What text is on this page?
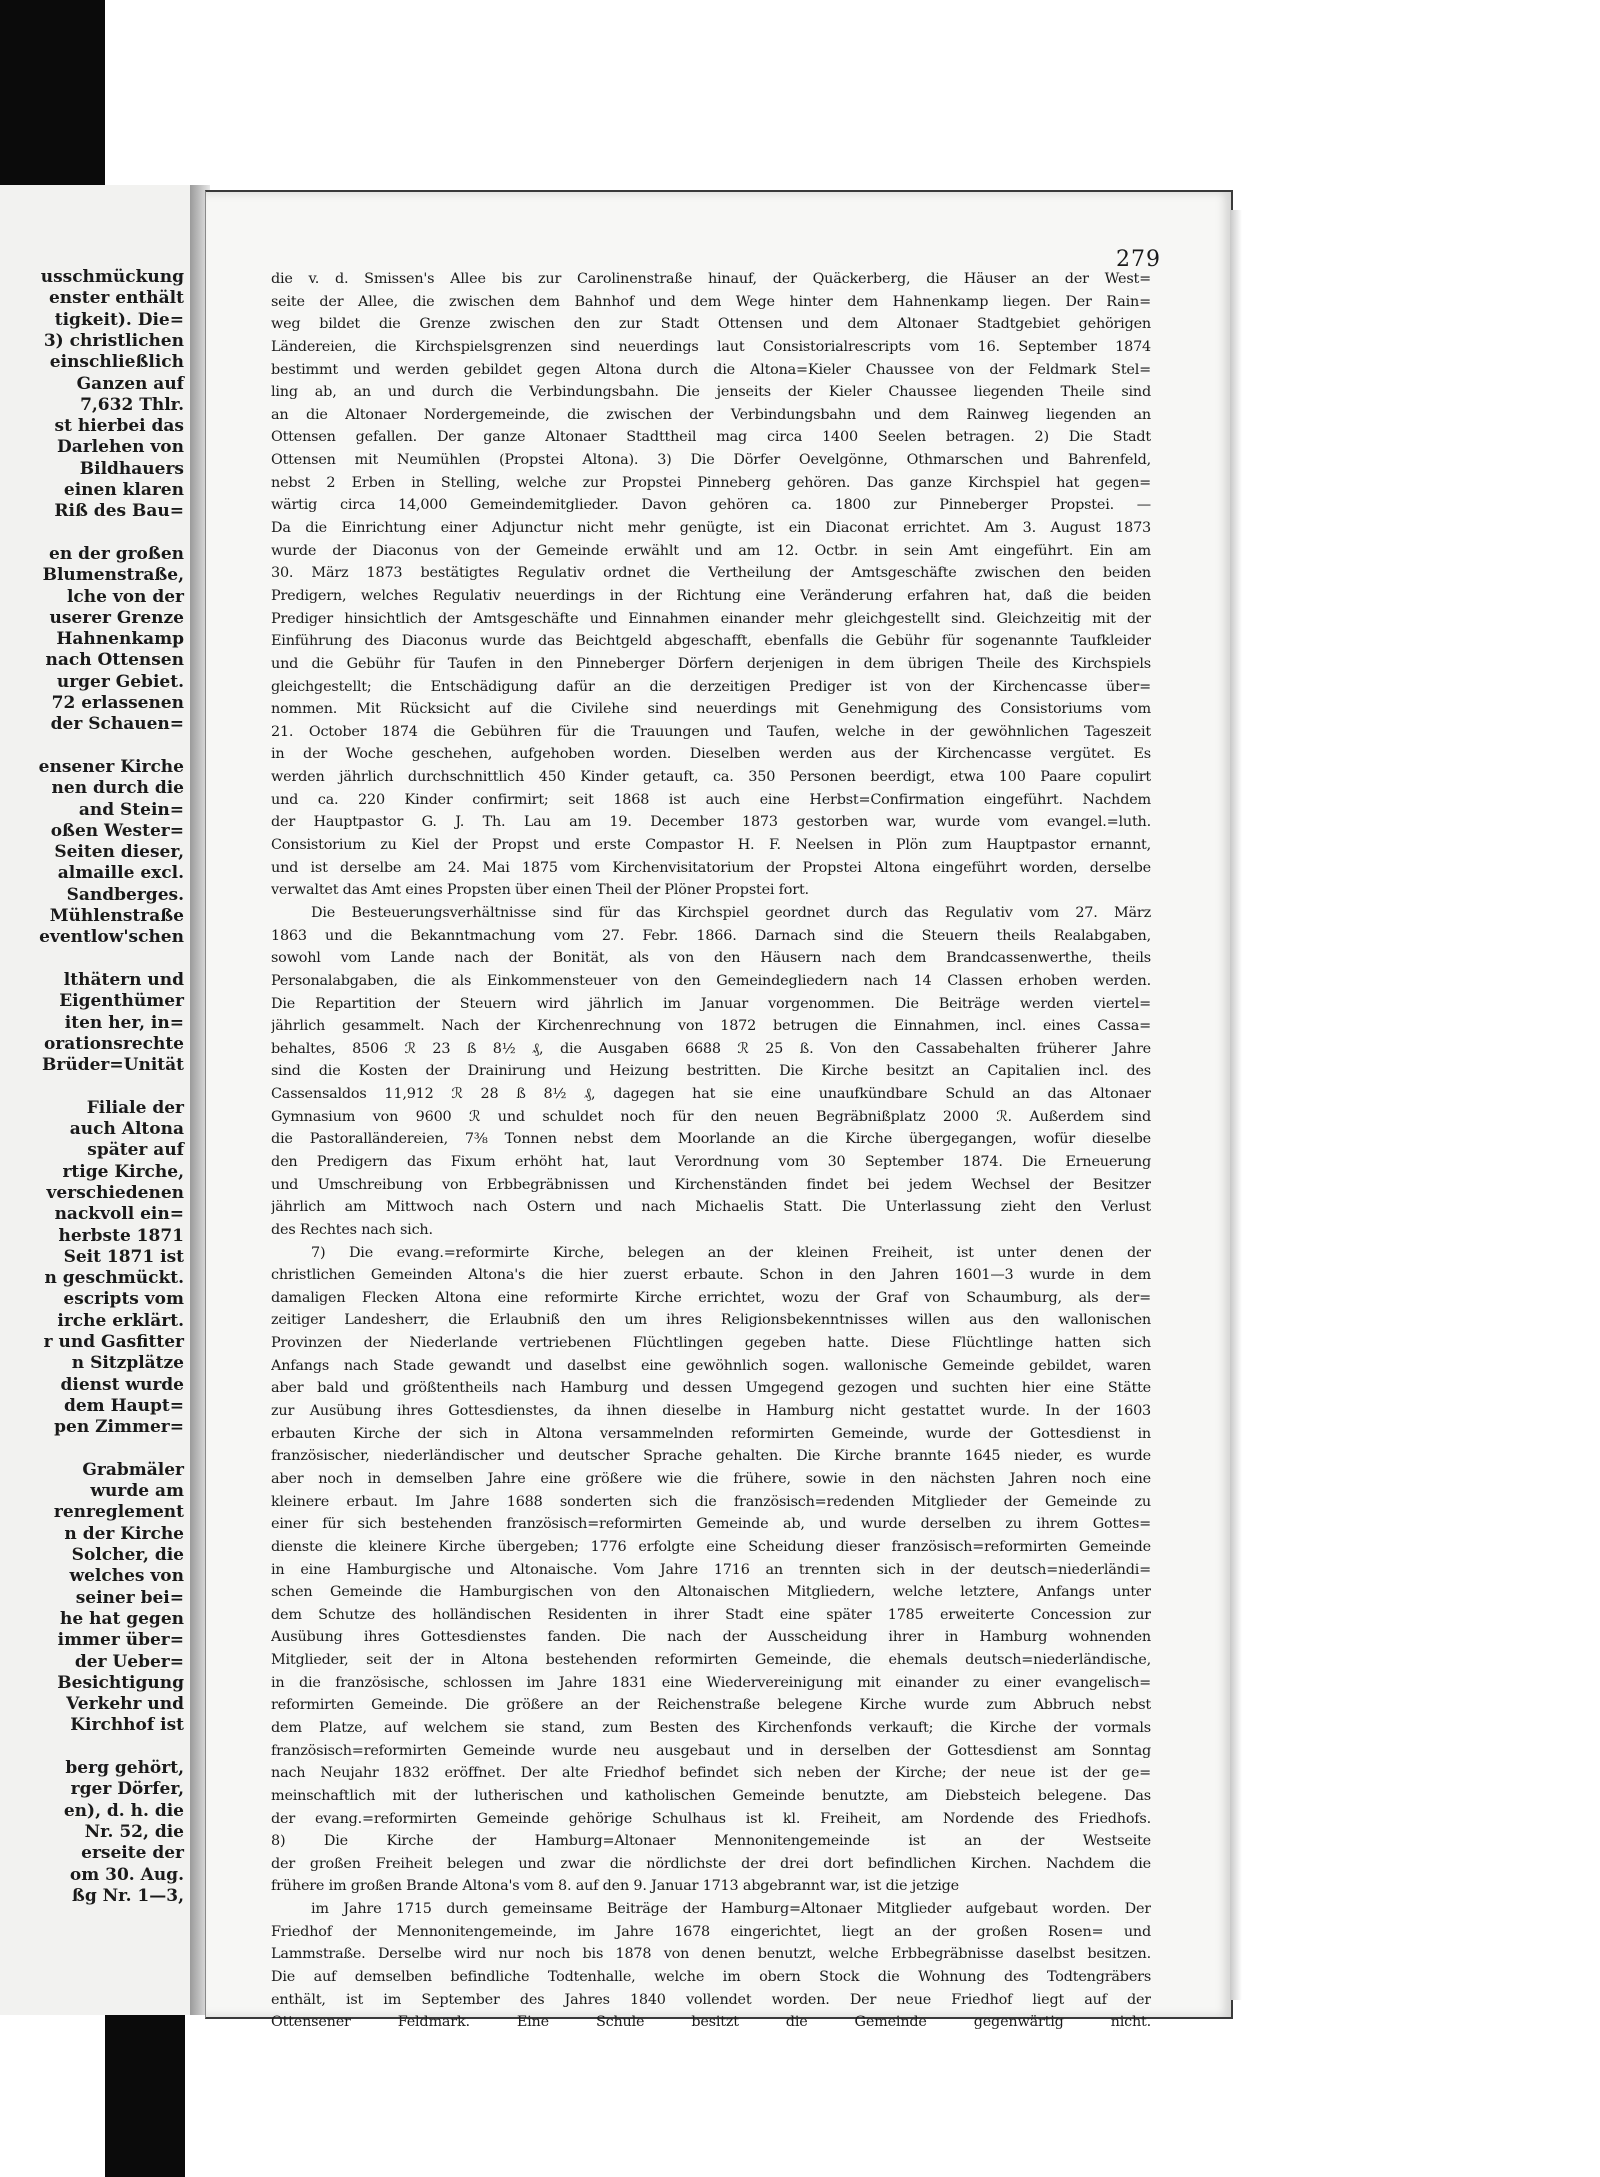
usschmückung
enster enthält
tigkeit). Die=
3) christlichen
einschließlich
Ganzen auf
7,632 Thlr.
st hierbei das
Darlehen von
Bildhauers
einen klaren
Riß des Bau=
en der großen
Blumenstraße,
lche von der
userer Grenze
Hahnenkamp
nach Ottensen
urger Gebiet.
72 erlassenen
der Schauen=
ensener Kirche
nen durch die
and Stein=
oßen Wester=
Seiten dieser,
almaille excl.
Sandberges.
Mühlenstraße
eventlow'schen
lthätern und
Eigenthümer
iten her, in=
orationsrechte
Brüder=Unität
Filiale der
auch Altona
später auf
rtige Kirche,
verschiedenen
nackvoll ein=
herbste 1871
Seit 1871 ist
n geschmückt.
escripts vom
irche erklärt.
r und Gasfitter
n Sitzplätze
dienst wurde
dem Haupt=
pen Zimmer=
Grabmäler
wurde am
renreglement
n der Kirche
Solcher, die
welches von
seiner bei=
he hat gegen
immer über=
der Ueber=
Besichtigung
Verkehr und
Kirchhof ist
berg gehört,
rger Dörfer,
en), d. h. die
Nr. 52, die
erseite der
om 30. Aug.
ßg Nr. 1—3,
279
die v. d. Smissen's Allee bis zur Carolinenstraße hinauf, der Quäckerberg, die Häuser an der West=
seite der Allee, die zwischen dem Bahnhof und dem Wege hinter dem Hahnenkamp liegen. Der Rain=
weg bildet die Grenze zwischen den zur Stadt Ottensen und dem Altonaer Stadtgebiet gehörigen
Ländereien, die Kirchspielsgrenzen sind neuerdings laut Consistorialrescripts vom 16. September 1874
bestimmt und werden gebildet gegen Altona durch die Altona=Kieler Chaussee von der Feldmark Stel=
ling ab, an und durch die Verbindungsbahn. Die jenseits der Kieler Chaussee liegenden Theile sind
an die Altonaer Nordergemeinde, die zwischen der Verbindungsbahn und dem Rainweg liegenden an
Ottensen gefallen. Der ganze Altonaer Stadttheil mag circa 1400 Seelen betragen. 2) Die Stadt
Ottensen mit Neumühlen (Propstei Altona). 3) Die Dörfer Oevelgönne, Othmarschen und Bahrenfeld,
nebst 2 Erben in Stelling, welche zur Propstei Pinneberg gehören. Das ganze Kirchspiel hat gegen=
wärtig circa 14,000 Gemeindemitglieder. Davon gehören ca. 1800 zur Pinneberger Propstei. —
Da die Einrichtung einer Adjunctur nicht mehr genügte, ist ein Diaconat errichtet. Am 3. August 1873
wurde der Diaconus von der Gemeinde erwählt und am 12. Octbr. in sein Amt eingeführt. Ein am
30. März 1873 bestätigtes Regulativ ordnet die Vertheilung der Amtsgeschäfte zwischen den beiden
Predigern, welches Regulativ neuerdings in der Richtung eine Veränderung erfahren hat, daß die beiden
Prediger hinsichtlich der Amtsgeschäfte und Einnahmen einander mehr gleichgestellt sind. Gleichzeitig mit der
Einführung des Diaconus wurde das Beichtgeld abgeschafft, ebenfalls die Gebühr für sogenannte Taufkleider
und die Gebühr für Taufen in den Pinneberger Dörfern derjenigen in dem übrigen Theile des Kirchspiels
gleichgestellt; die Entschädigung dafür an die derzeitigen Prediger ist von der Kirchencasse über=
nommen. Mit Rücksicht auf die Civilehe sind neuerdings mit Genehmigung des Consistoriums vom
21. October 1874 die Gebühren für die Trauungen und Taufen, welche in der gewöhnlichen Tageszeit
in der Woche geschehen, aufgehoben worden. Dieselben werden aus der Kirchencasse vergütet. Es
werden jährlich durchschnittlich 450 Kinder getauft, ca. 350 Personen beerdigt, etwa 100 Paare copulirt
und ca. 220 Kinder confirmirt; seit 1868 ist auch eine Herbst=Confirmation eingeführt. Nachdem
der Hauptpastor G. J. Th. Lau am 19. December 1873 gestorben war, wurde vom evangel.=luth.
Consistorium zu Kiel der Propst und erste Compastor H. F. Neelsen in Plön zum Hauptpastor ernannt,
und ist derselbe am 24. Mai 1875 vom Kirchenvisitatorium der Propstei Altona eingeführt worden, derselbe
verwaltet das Amt eines Propsten über einen Theil der Plöner Propstei fort.
Die Besteuerungsverhältnisse sind für das Kirchspiel geordnet durch das Regulativ vom 27. März
1863 und die Bekanntmachung vom 27. Febr. 1866. Darnach sind die Steuern theils Realabgaben,
sowohl vom Lande nach der Bonität, als von den Häusern nach dem Brandcassenwerthe, theils
Personalabgaben, die als Einkommensteuer von den Gemeindegliedern nach 14 Classen erhoben werden.
Die Repartition der Steuern wird jährlich im Januar vorgenommen. Die Beiträge werden viertel=
jährlich gesammelt. Nach der Kirchenrechnung von 1872 betrugen die Einnahmen, incl. eines Cassa=
behaltes, 8506 ℛ 23 ß 8½ ₰, die Ausgaben 6688 ℛ 25 ß. Von den Cassabehalten früherer Jahre
sind die Kosten der Drainirung und Heizung bestritten. Die Kirche besitzt an Capitalien incl. des
Cassensaldos 11,912 ℛ 28 ß 8½ ₰, dagegen hat sie eine unaufkündbare Schuld an das Altonaer
Gymnasium von 9600 ℛ und schuldet noch für den neuen Begräbnißplatz 2000 ℛ. Außerdem sind
die Pastoralländereien, 7⅜ Tonnen nebst dem Moorlande an die Kirche übergegangen, wofür dieselbe
den Predigern das Fixum erhöht hat, laut Verordnung vom 30 September 1874. Die Erneuerung
und Umschreibung von Erbbegräbnissen und Kirchenständen findet bei jedem Wechsel der Besitzer
jährlich am Mittwoch nach Ostern und nach Michaelis Statt. Die Unterlassung zieht den Verlust
des Rechtes nach sich.
7) Die evang.=reformirte Kirche, belegen an der kleinen Freiheit, ist unter denen der
christlichen Gemeinden Altona's die hier zuerst erbaute. Schon in den Jahren 1601—3 wurde in dem
damaligen Flecken Altona eine reformirte Kirche errichtet, wozu der Graf von Schaumburg, als der=
zeitiger Landesherr, die Erlaubniß den um ihres Religionsbekenntnisses willen aus den wallonischen
Provinzen der Niederlande vertriebenen Flüchtlingen gegeben hatte. Diese Flüchtlinge hatten sich
Anfangs nach Stade gewandt und daselbst eine gewöhnlich sogen. wallonische Gemeinde gebildet, waren
aber bald und größtentheils nach Hamburg und dessen Umgegend gezogen und suchten hier eine Stätte
zur Ausübung ihres Gottesdienstes, da ihnen dieselbe in Hamburg nicht gestattet wurde. In der 1603
erbauten Kirche der sich in Altona versammelnden reformirten Gemeinde, wurde der Gottesdienst in
französischer, niederländischer und deutscher Sprache gehalten. Die Kirche brannte 1645 nieder, es wurde
aber noch in demselben Jahre eine größere wie die frühere, sowie in den nächsten Jahren noch eine
kleinere erbaut. Im Jahre 1688 sonderten sich die französisch=redenden Mitglieder der Gemeinde zu
einer für sich bestehenden französisch=reformirten Gemeinde ab, und wurde derselben zu ihrem Gottes=
dienste die kleinere Kirche übergeben; 1776 erfolgte eine Scheidung dieser französisch=reformirten Gemeinde
in eine Hamburgische und Altonaische. Vom Jahre 1716 an trennten sich in der deutsch=niederländi=
schen Gemeinde die Hamburgischen von den Altonaischen Mitgliedern, welche letztere, Anfangs unter
dem Schutze des holländischen Residenten in ihrer Stadt eine später 1785 erweiterte Concession zur
Ausübung ihres Gottesdienstes fanden. Die nach der Ausscheidung ihrer in Hamburg wohnenden
Mitglieder, seit der in Altona bestehenden reformirten Gemeinde, die ehemals deutsch=niederländische,
in die französische, schlossen im Jahre 1831 eine Wiedervereinigung mit einander zu einer evangelisch=
reformirten Gemeinde. Die größere an der Reichenstraße belegene Kirche wurde zum Abbruch nebst
dem Platze, auf welchem sie stand, zum Besten des Kirchenfonds verkauft; die Kirche der vormals
französisch=reformirten Gemeinde wurde neu ausgebaut und in derselben der Gottesdienst am Sonntag
nach Neujahr 1832 eröffnet. Der alte Friedhof befindet sich neben der Kirche; der neue ist der ge=
meinschaftlich mit der lutherischen und katholischen Gemeinde benutzte, am Diebsteich belegene. Das
der evang.=reformirten Gemeinde gehörige Schulhaus ist kl. Freiheit, am Nordende des Friedhofs.
8) Die Kirche der Hamburg=Altonaer Mennonitengemeinde ist an der Westseite
der großen Freiheit belegen und zwar die nördlichste der drei dort befindlichen Kirchen. Nachdem die
frühere im großen Brande Altona's vom 8. auf den 9. Januar 1713 abgebrannt war, ist die jetzige
im Jahre 1715 durch gemeinsame Beiträge der Hamburg=Altonaer Mitglieder aufgebaut worden. Der
Friedhof der Mennonitengemeinde, im Jahre 1678 eingerichtet, liegt an der großen Rosen= und
Lammstraße. Derselbe wird nur noch bis 1878 von denen benutzt, welche Erbbegräbnisse daselbst besitzen.
Die auf demselben befindliche Todtenhalle, welche im obern Stock die Wohnung des Todtengräbers
enthält, ist im September des Jahres 1840 vollendet worden. Der neue Friedhof liegt auf der
Ottensener Feldmark. Eine Schule besitzt die Gemeinde gegenwärtig nicht.
